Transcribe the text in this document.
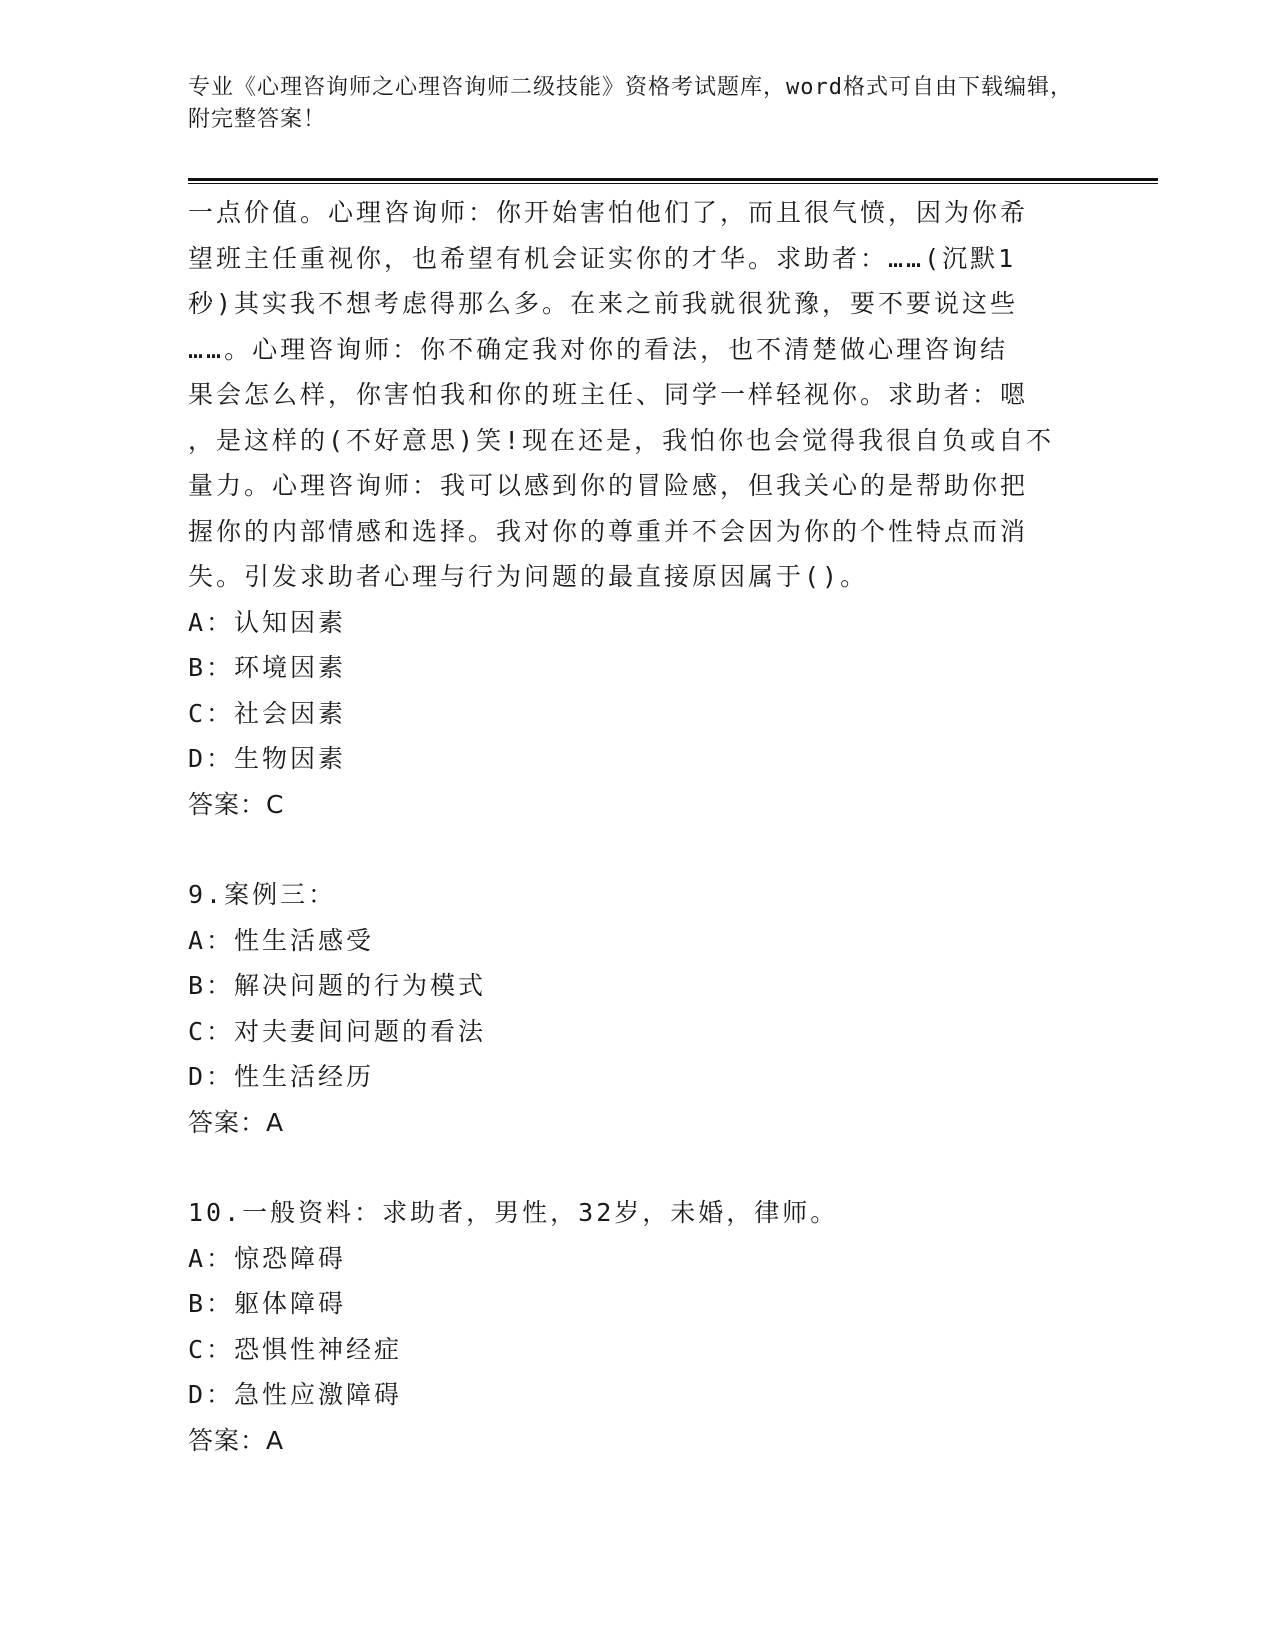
专业《心理咨询师之心理咨询师二级技能》资格考试题库，word格式可自由下载编辑，附完整答案！

一点价值。心理咨询师：你开始害怕他们了，而且很气愤，因为你希

望班主任重视你，也希望有机会证实你的才华。求助者：……(沉默1

秒)其实我不想考虑得那么多。在来之前我就很犹豫，要不要说这些

……。心理咨询师：你不确定我对你的看法，也不清楚做心理咨询结

果会怎么样，你害怕我和你的班主任、同学一样轻视你。求助者：嗯

，是这样的(不好意思)笑!现在还是，我怕你也会觉得我很自负或自不

量力。心理咨询师：我可以感到你的冒险感，但我关心的是帮助你把

握你的内部情感和选择。我对你的尊重并不会因为你的个性特点而消

失。引发求助者心理与行为问题的最直接原因属于()。

A：认知因素

B：环境因素

C：社会因素

D：生物因素

答案：C

9.案例三：

A：性生活感受

B：解决问题的行为模式

C：对夫妻间问题的看法

D：性生活经历

答案：A

10.一般资料：求助者，男性，32岁，未婚，律师。

A：惊恐障碍

B：躯体障碍

C：恐惧性神经症

D：急性应激障碍

答案：A
